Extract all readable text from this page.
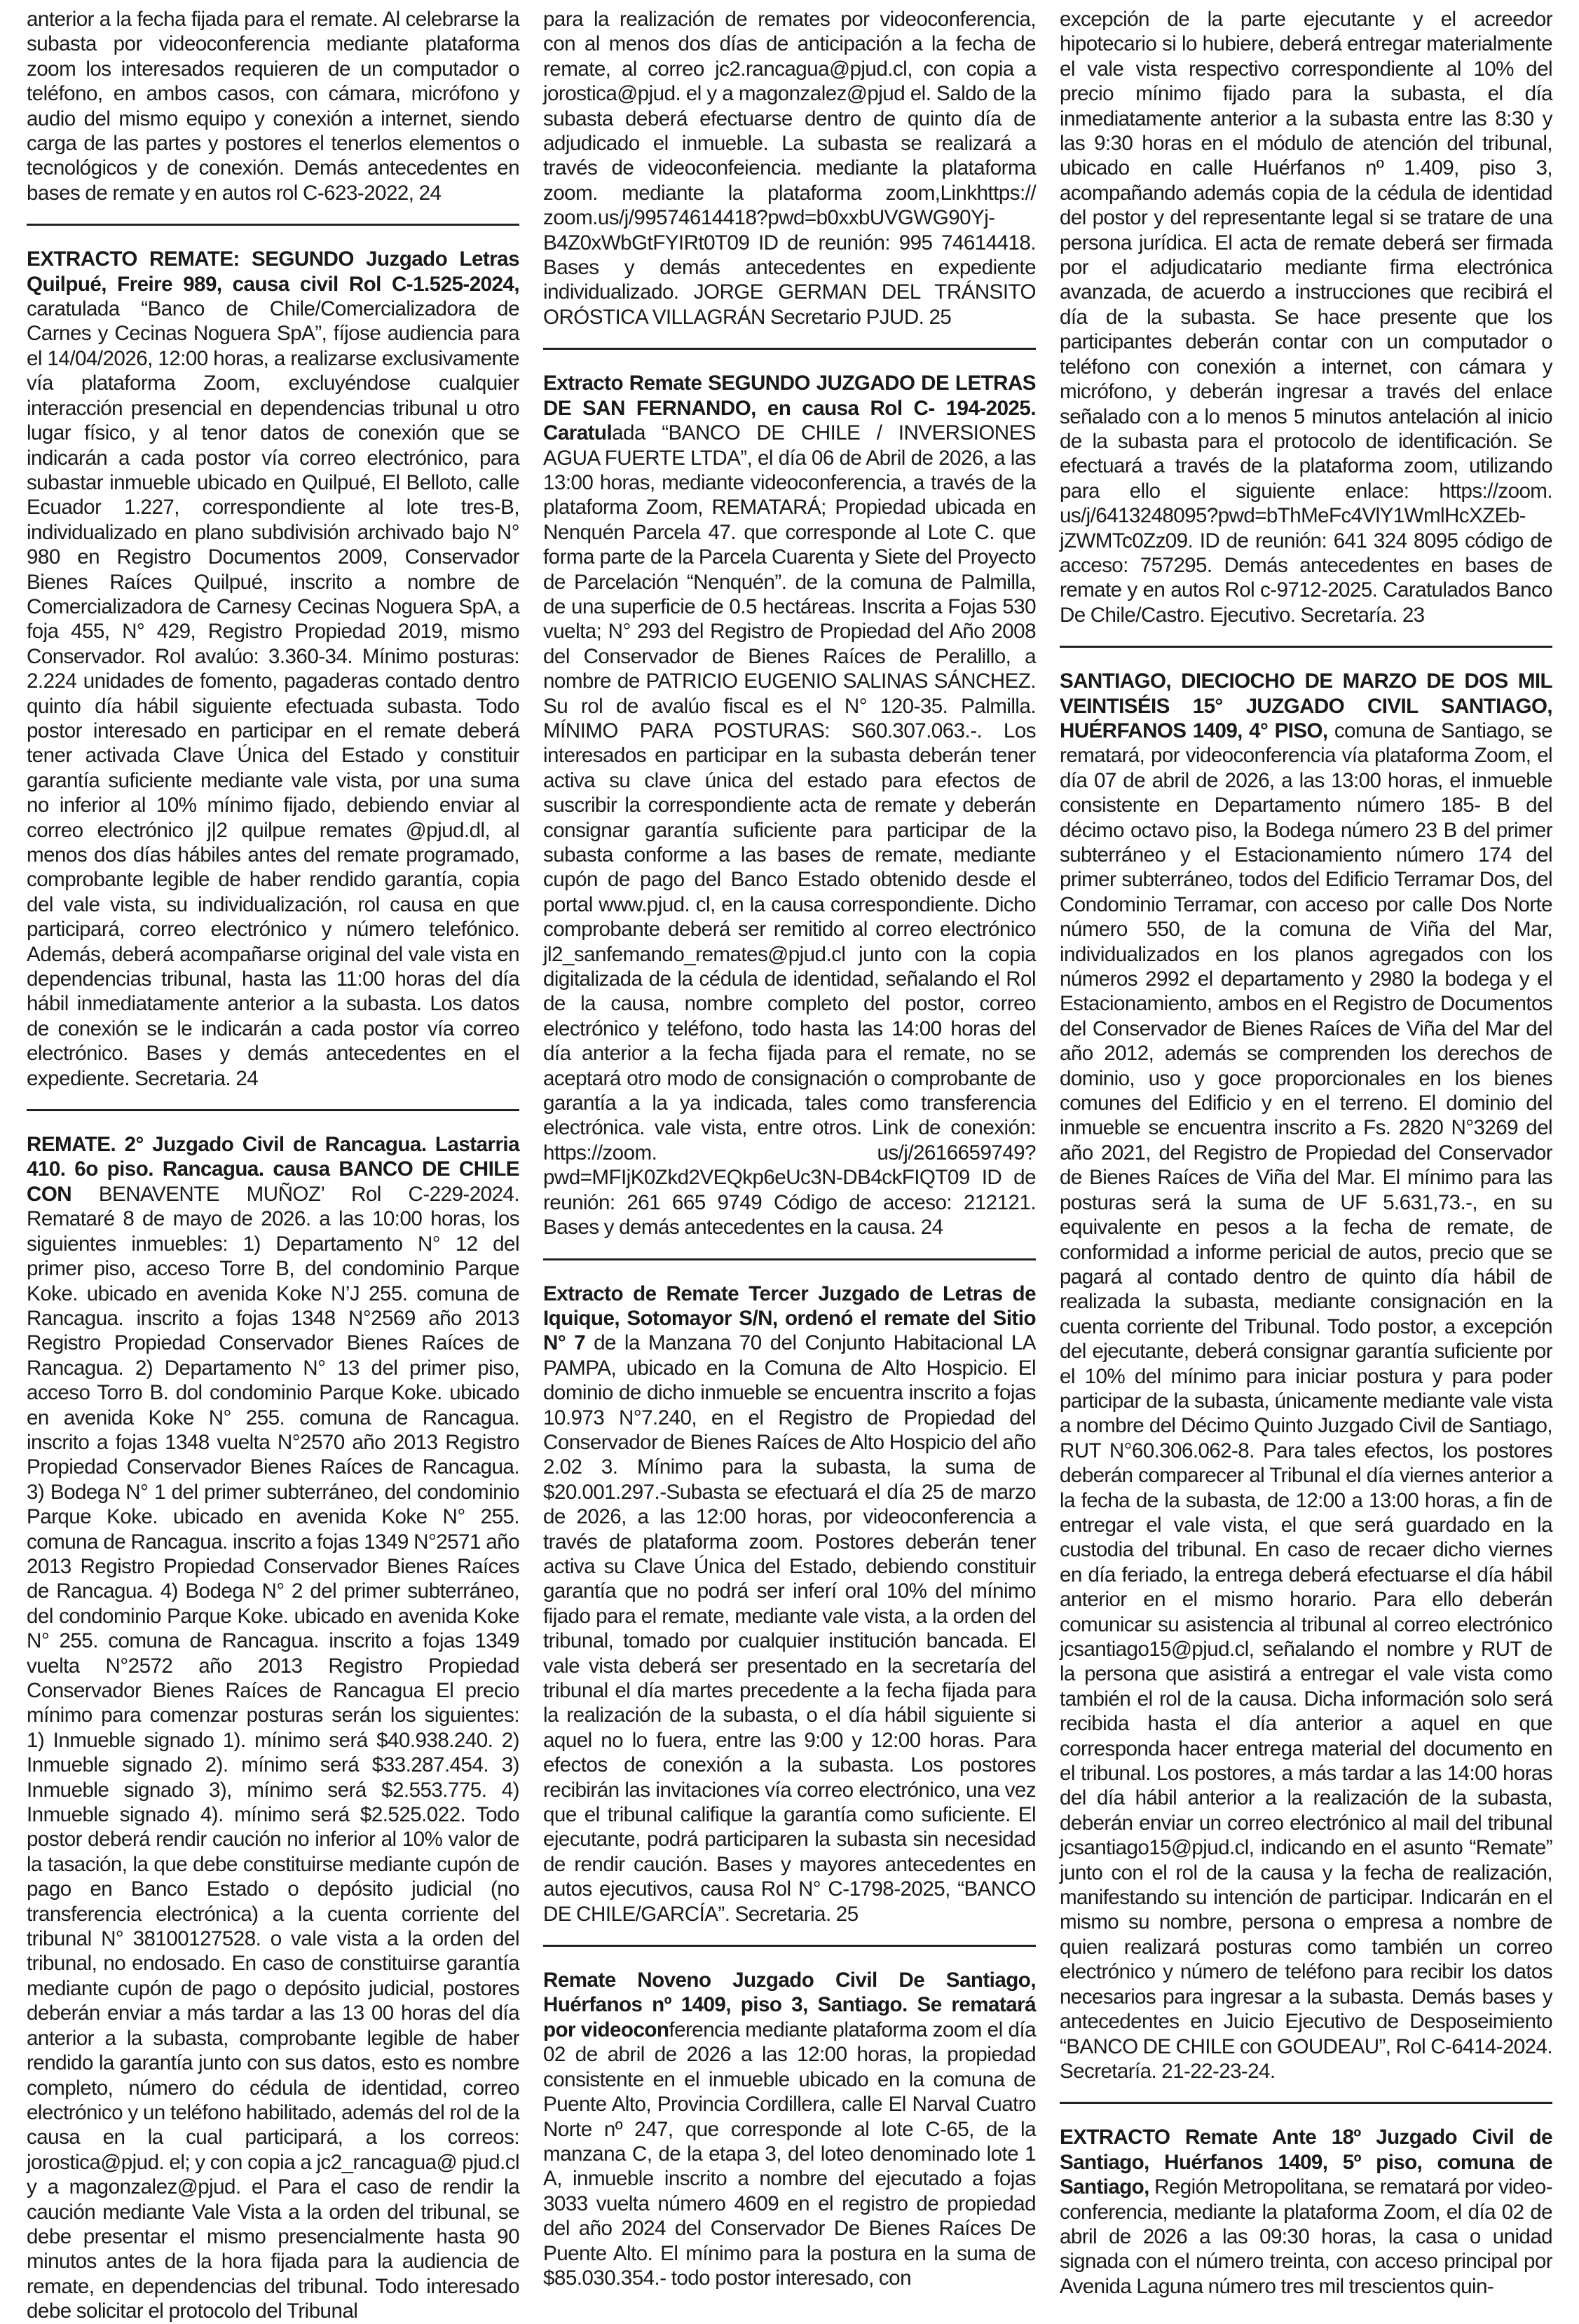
anterior a la fecha fijada para el remate. Al celebrarse la subasta por videoconferencia mediante plataforma zoom los interesados requieren de un computador o teléfono, en ambos casos, con cámara, micrófono y audio del mismo equipo y conexión a internet, siendo carga de las partes y postores el tenerlos elementos o tecnológicos y de conexión. Demás antecedentes en bases de remate y en autos rol C-623-2022, 24

EXTRACTO REMATE: SEGUNDO Juzgado Letras Quilpué, Freire 989, causa civil Rol C-1.525-2024, caratulada “Banco de Chile/Comercializadora de Carnes y Cecinas Noguera SpA”, fíjose audiencia para el 14/04/2026, 12:00 horas, a realizarse exclusivamente vía plataforma Zoom, excluyéndose cualquier interacción presencial en dependencias tribunal u otro lugar físico, y al tenor datos de conexión que se indicarán a cada postor vía correo electrónico, para subastar inmueble ubicado en Quilpué, El Belloto, calle Ecuador 1.227, correspondiente al lote tres-B, individualizado en plano subdivisión archivado bajo N° 980 en Registro Documentos 2009, Conservador Bienes Raíces Quilpué, inscrito a nombre de Comercializadora de Carnesy Cecinas Noguera SpA, a foja 455, N° 429, Registro Propiedad 2019, mismo Conservador. Rol avalúo: 3.360-34. Mínimo posturas: 2.224 unidades de fomento, pagaderas contado dentro quinto día hábil siguiente efectuada subasta. Todo postor interesado en participar en el remate deberá tener activada Clave Única del Estado y constituir garantía suficiente mediante vale vista, por una suma no inferior al 10% mínimo fijado, debiendo enviar al correo electrónico j|2 quilpue remates @pjud.dl, al menos dos días hábiles antes del remate programado, comprobante legible de haber rendido garantía, copia del vale vista, su individualización, rol causa en que participará, correo electrónico y número telefónico. Además, deberá acompañarse original del vale vista en dependencias tribunal, hasta las 11:00 horas del día hábil inmediatamente anterior a la subasta. Los datos de conexión se le indicarán a cada postor vía correo electrónico. Bases y demás antecedentes en el expediente. Secretaria. 24

REMATE. 2° Juzgado Civil de Rancagua. Lastarria 410. 6o piso. Rancagua. causa BANCO DE CHILE CON BENAVENTE MUÑOZ’ Rol C-229-2024. Remataré 8 de mayo de 2026. a las 10:00 horas, los siguientes inmuebles: 1) Departamento N° 12 del primer piso, acceso Torre B, del condominio Parque Koke. ubicado en avenida Koke N’J 255. comuna de Rancagua. inscrito a fojas 1348 N°2569 año 2013 Registro Propiedad Conservador Bienes Raíces de Rancagua. 2) Departamento N° 13 del primer piso, acceso Torro B. dol condominio Parque Koke. ubicado en avenida Koke N° 255. comuna de Rancagua. inscrito a fojas 1348 vuelta N°2570 año 2013 Registro Propiedad Conservador Bienes Raíces de Rancagua. 3) Bodega N° 1 del primer subterráneo, del condominio Parque Koke. ubicado en avenida Koke N° 255. comuna de Rancagua. inscrito a fojas 1349 N°2571 año 2013 Registro Propiedad Conservador Bienes Raíces de Rancagua. 4) Bodega N° 2 del primer subterráneo, del condominio Parque Koke. ubicado en avenida Koke N° 255. comuna de Rancagua. inscrito a fojas 1349 vuelta N°2572 año 2013 Registro Propiedad Conservador Bienes Raíces de Rancagua El precio mínimo para comenzar posturas serán los siguientes: 1) Inmueble signado 1). mínimo será $40.938.240. 2) Inmueble signado 2). mínimo será $33.287.454. 3) Inmueble signado 3), mínimo será $2.553.775. 4) Inmueble signado 4). mínimo será $2.525.022. Todo postor deberá rendir caución no inferior al 10% valor de la tasación, la que debe constituirse mediante cupón de pago en Banco Estado o depósito judicial (no transferencia electrónica) a la cuenta corriente del tribunal N° 38100127528. o vale vista a la orden del tribunal, no endosado. En caso de constituirse garantía mediante cupón de pago o depósito judicial, postores deberán enviar a más tardar a las 13 00 horas del día anterior a la subasta, comprobante legible de haber rendido la garantía junto con sus datos, esto es nombre completo, número do cédula de identidad, correo electrónico y un teléfono habilitado, además del rol de la causa en la cual participará, a los correos: jorostica@pjud. el; y con copia a jc2_rancagua@ pjud.cl y a magonzalez@pjud. el Para el caso de rendir la caución mediante Vale Vista a la orden del tribunal, se debe presentar el mismo presencialmente hasta 90 minutos antes de la hora fijada para la audiencia de remate, en dependencias del tribunal. Todo interesado debe solicitar el protocolo del Tribunal

para la realización de remates por videoconferencia, con al menos dos días de anticipación a la fecha de remate, al correo jc2.rancagua@pjud.cl, con copia a jorostica@pjud. el y a magonzalez@pjud el. Saldo de la subasta deberá efectuarse dentro de quinto día de adjudicado el inmueble. La subasta se realizará a través de videoconfeiencia. mediante la plataforma zoom. mediante la plataforma zoom,Linkhttps:// zoom.us/j/99574614418?pwd=b0xxbUVGWG90Yj-B4Z0xWbGtFYIRt0T09 ID de reunión: 995 74614418. Bases y demás antecedentes en expediente individualizado. JORGE GERMAN DEL TRÁNSITO ORÓSTICA VILLAGRÁN Secretario PJUD. 25

Extracto Remate SEGUNDO JUZGADO DE LETRAS DE SAN FERNANDO, en causa Rol C- 194-2025. Caratulada “BANCO DE CHILE / INVERSIONES AGUA FUERTE LTDA”, el día 06 de Abril de 2026, a las 13:00 horas, mediante videoconferencia, a través de la plataforma Zoom, REMATARÁ; Propiedad ubicada en Nenquén Parcela 47. que corresponde al Lote C. que forma parte de la Parcela Cuarenta y Siete del Proyecto de Parcelación “Nenquén”. de la comuna de Palmilla, de una superficie de 0.5 hectáreas. Inscrita a Fojas 530 vuelta; N° 293 del Registro de Propiedad del Año 2008 del Conservador de Bienes Raíces de Peralillo, a nombre de PATRICIO EUGENIO SALINAS SÁNCHEZ. Su rol de avalúo fiscal es el N° 120-35. Palmilla. MÍNIMO PARA POSTURAS: S60.307.063.-. Los interesados en participar en la subasta deberán tener activa su clave única del estado para efectos de suscribir la correspondiente acta de remate y deberán consignar garantía suficiente para participar de la subasta conforme a las bases de remate, mediante cupón de pago del Banco Estado obtenido desde el portal www.pjud. cl, en la causa correspondiente. Dicho comprobante deberá ser remitido al correo electrónico jl2_sanfemando_remates@pjud.cl junto con la copia digitalizada de la cédula de identidad, señalando el Rol de la causa, nombre completo del postor, correo electrónico y teléfono, todo hasta las 14:00 horas del día anterior a la fecha fijada para el remate, no se aceptará otro modo de consignación o comprobante de garantía a la ya indicada, tales como transferencia electrónica. vale vista, entre otros. Link de conexión: https://zoom. us/j/2616659749?pwd=MFIjK0Zkd2VEQkp6eUc3N-DB4ckFIQT09 ID de reunión: 261 665 9749 Código de acceso: 212121. Bases y demás antecedentes en la causa. 24

Extracto de Remate Tercer Juzgado de Letras de Iquique, Sotomayor S/N, ordenó el remate del Sitio N° 7 de la Manzana 70 del Conjunto Habitacional LA PAMPA, ubicado en la Comuna de Alto Hospicio. El dominio de dicho inmueble se encuentra inscrito a fojas 10.973 N°7.240, en el Registro de Propiedad del Conservador de Bienes Raíces de Alto Hospicio del año 2.02 3. Mínimo para la subasta, la suma de $20.001.297.-Subasta se efectuará el día 25 de marzo de 2026, a las 12:00 horas, por videoconferencia a través de plataforma zoom. Postores deberán tener activa su Clave Única del Estado, debiendo constituir garantía que no podrá ser inferí oral 10% del mínimo fijado para el remate, mediante vale vista, a la orden del tribunal, tomado por cualquier institución bancada. El vale vista deberá ser presentado en la secretaría del tribunal el día martes precedente a la fecha fijada para la realización de la subasta, o el día hábil siguiente si aquel no lo fuera, entre las 9:00 y 12:00 horas. Para efectos de conexión a la subasta. Los postores recibirán las invitaciones vía correo electrónico, una vez que el tribunal califique la garantía como suficiente. El ejecutante, podrá participaren la subasta sin necesidad de rendir caución. Bases y mayores antecedentes en autos ejecutivos, causa Rol N° C-1798-2025, “BANCO DE CHILE/GARCÍA”. Secretaria. 25

Remate Noveno Juzgado Civil De Santiago, Huérfanos nº 1409, piso 3, Santiago. Se rematará por videoconferencia mediante plataforma zoom el día 02 de abril de 2026 a las 12:00 horas, la propiedad consistente en el inmueble ubicado en la comuna de Puente Alto, Provincia Cordillera, calle El Narval Cuatro Norte nº 247, que corresponde al lote C-65, de la manzana C, de la etapa 3, del loteo denominado lote 1 A, inmueble inscrito a nombre del ejecutado a fojas 3033 vuelta número 4609 en el registro de propiedad del año 2024 del Conservador De Bienes Raíces De Puente Alto. El mínimo para la postura en la suma de $85.030.354.- todo postor interesado, con

excepción de la parte ejecutante y el acreedor hipotecario si lo hubiere, deberá entregar materialmente el vale vista respectivo correspondiente al 10% del precio mínimo fijado para la subasta, el día inmediatamente anterior a la subasta entre las 8:30 y las 9:30 horas en el módulo de atención del tribunal, ubicado en calle Huérfanos nº 1.409, piso 3, acompañando además copia de la cédula de identidad del postor y del representante legal si se tratare de una persona jurídica. El acta de remate deberá ser firmada por el adjudicatario mediante firma electrónica avanzada, de acuerdo a instrucciones que recibirá el día de la subasta. Se hace presente que los participantes deberán contar con un computador o teléfono con conexión a internet, con cámara y micrófono, y deberán ingresar a través del enlace señalado con a lo menos 5 minutos antelación al inicio de la subasta para el protocolo de identificación. Se efectuará a través de la plataforma zoom, utilizando para ello el siguiente enlace: https://zoom. us/j/6413248095?pwd=bThMeFc4VlY1WmlHcXZEb-jZWMTc0Zz09. ID de reunión: 641 324 8095 código de acceso: 757295. Demás antecedentes en bases de remate y en autos Rol c-9712-2025. Caratulados Banco De Chile/Castro. Ejecutivo. Secretaría. 23

SANTIAGO, DIECIOCHO DE MARZO DE DOS MIL VEINTISÉIS 15° JUZGADO CIVIL SANTIAGO, HUÉRFANOS 1409, 4° PISO, comuna de Santiago, se rematará, por videoconferencia vía plataforma Zoom, el día 07 de abril de 2026, a las 13:00 horas, el inmueble consistente en Departamento número 185- B del décimo octavo piso, la Bodega número 23 B del primer subterráneo y el Estacionamiento número 174 del primer subterráneo, todos del Edificio Terramar Dos, del Condominio Terramar, con acceso por calle Dos Norte número 550, de la comuna de Viña del Mar, individualizados en los planos agregados con los números 2992 el departamento y 2980 la bodega y el Estacionamiento, ambos en el Registro de Documentos del Conservador de Bienes Raíces de Viña del Mar del año 2012, además se comprenden los derechos de dominio, uso y goce proporcionales en los bienes comunes del Edificio y en el terreno. El dominio del inmueble se encuentra inscrito a Fs. 2820 N°3269 del año 2021, del Registro de Propiedad del Conservador de Bienes Raíces de Viña del Mar. El mínimo para las posturas será la suma de UF 5.631,73.-, en su equivalente en pesos a la fecha de remate, de conformidad a informe pericial de autos, precio que se pagará al contado dentro de quinto día hábil de realizada la subasta, mediante consignación en la cuenta corriente del Tribunal. Todo postor, a excepción del ejecutante, deberá consignar garantía suficiente por el 10% del mínimo para iniciar postura y para poder participar de la subasta, únicamente mediante vale vista a nombre del Décimo Quinto Juzgado Civil de Santiago, RUT N°60.306.062-8. Para tales efectos, los postores deberán comparecer al Tribunal el día viernes anterior a la fecha de la subasta, de 12:00 a 13:00 horas, a fin de entregar el vale vista, el que será guardado en la custodia del tribunal. En caso de recaer dicho viernes en día feriado, la entrega deberá efectuarse el día hábil anterior en el mismo horario. Para ello deberán comunicar su asistencia al tribunal al correo electrónico jcsantiago15@pjud.cl, señalando el nombre y RUT de la persona que asistirá a entregar el vale vista como también el rol de la causa. Dicha información solo será recibida hasta el día anterior a aquel en que corresponda hacer entrega material del documento en el tribunal. Los postores, a más tardar a las 14:00 horas del día hábil anterior a la realización de la subasta, deberán enviar un correo electrónico al mail del tribunal jcsantiago15@pjud.cl, indicando en el asunto “Remate” junto con el rol de la causa y la fecha de realización, manifestando su intención de participar. Indicarán en el mismo su nombre, persona o empresa a nombre de quien realizará posturas como también un correo electrónico y número de teléfono para recibir los datos necesarios para ingresar a la subasta. Demás bases y antecedentes en Juicio Ejecutivo de Desposeimiento “BANCO DE CHILE con GOUDEAU”, Rol C-6414-2024. Secretaría. 21-22-23-24.

EXTRACTO Remate Ante 18º Juzgado Civil de Santiago, Huérfanos 1409, 5º piso, comuna de Santiago, Región Metropolitana, se rematará por video-conferencia, mediante la plataforma Zoom, el día 02 de abril de 2026 a las 09:30 horas, la casa o unidad signada con el número treinta, con acceso principal por Avenida Laguna número tres mil trescientos quin-
